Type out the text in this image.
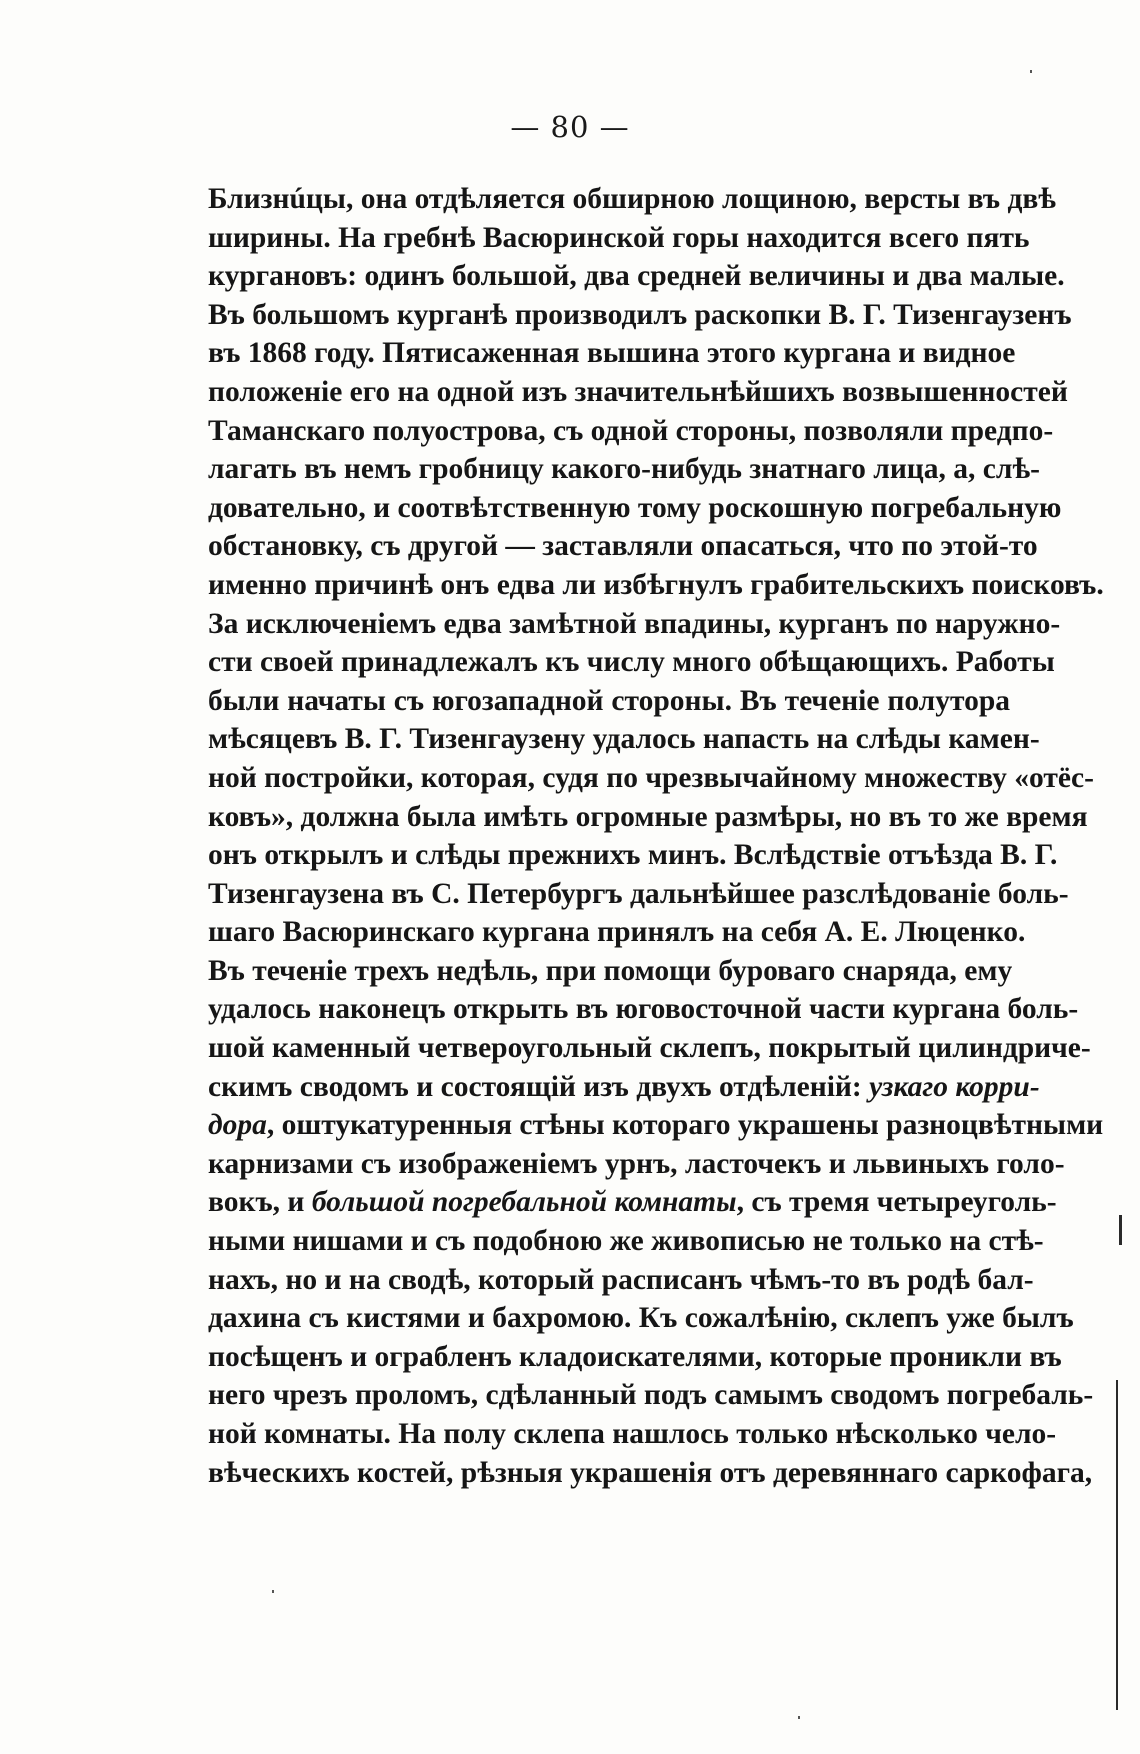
— 80 —
Близнúцы, она отдѣляется обширною лощиною, версты въ двѣ
ширины. На гребнѣ Васюринской горы находится всего пять
кургановъ: одинъ большой, два средней величины и два малые.
Въ большомъ курганѣ производилъ раскопки В. Г. Тизенгаузенъ
въ 1868 году. Пятисаженная вышина этого кургана и видное
положеніе его на одной изъ значительнѣйшихъ возвышенностей
Таманскаго полуострова, съ одной стороны, позволяли предпо-
лагать въ немъ гробницу какого-нибудь знатнаго лица, а, слѣ-
довательно, и соотвѣтственную тому роскошную погребальную
обстановку, съ другой — заставляли опасаться, что по этой-то
именно причинѣ онъ едва ли избѣгнулъ грабительскихъ поисковъ.
За исключеніемъ едва замѣтной впадины, курганъ по наружно-
сти своей принадлежалъ къ числу много обѣщающихъ. Работы
были начаты съ югозападной стороны. Въ теченіе полутора
мѣсяцевъ В. Г. Тизенгаузену удалось напасть на слѣды камен-
ной постройки, которая, судя по чрезвычайному множеству «отёс-
ковъ», должна была имѣть огромные размѣры, но въ то же время
онъ открылъ и слѣды прежнихъ минъ. Вслѣдствіе отъѣзда В. Г.
Тизенгаузена въ С. Петербургъ дальнѣйшее разслѣдованіе боль-
шаго Васюринскаго кургана принялъ на себя А. Е. Люценко.
Въ теченіе трехъ недѣль, при помощи буроваго снаряда, ему
удалось наконецъ открыть въ юговосточной части кургана боль-
шой каменный четвероугольный склепъ, покрытый цилиндриче-
скимъ сводомъ и состоящій изъ двухъ отдѣленій: узкаго корри-
дора, оштукатуренныя стѣны котораго украшены разноцвѣтными
карнизами съ изображеніемъ урнъ, ласточекъ и львиныхъ голо-
вокъ, и большой погребальной комнаты, съ тремя четыреуголь-
ными нишами и съ подобною же живописью не только на стѣ-
нахъ, но и на сводѣ, который расписанъ чѣмъ-то въ родѣ бал-
дахина съ кистями и бахромою. Къ сожалѣнію, склепъ уже былъ
посѣщенъ и ограбленъ кладоискателями, которые проникли въ
него чрезъ проломъ, сдѣланный подъ самымъ сводомъ погребаль-
ной комнаты. На полу склепа нашлось только нѣсколько чело-
вѣческихъ костей, рѣзныя украшенія отъ деревяннаго саркофага,
